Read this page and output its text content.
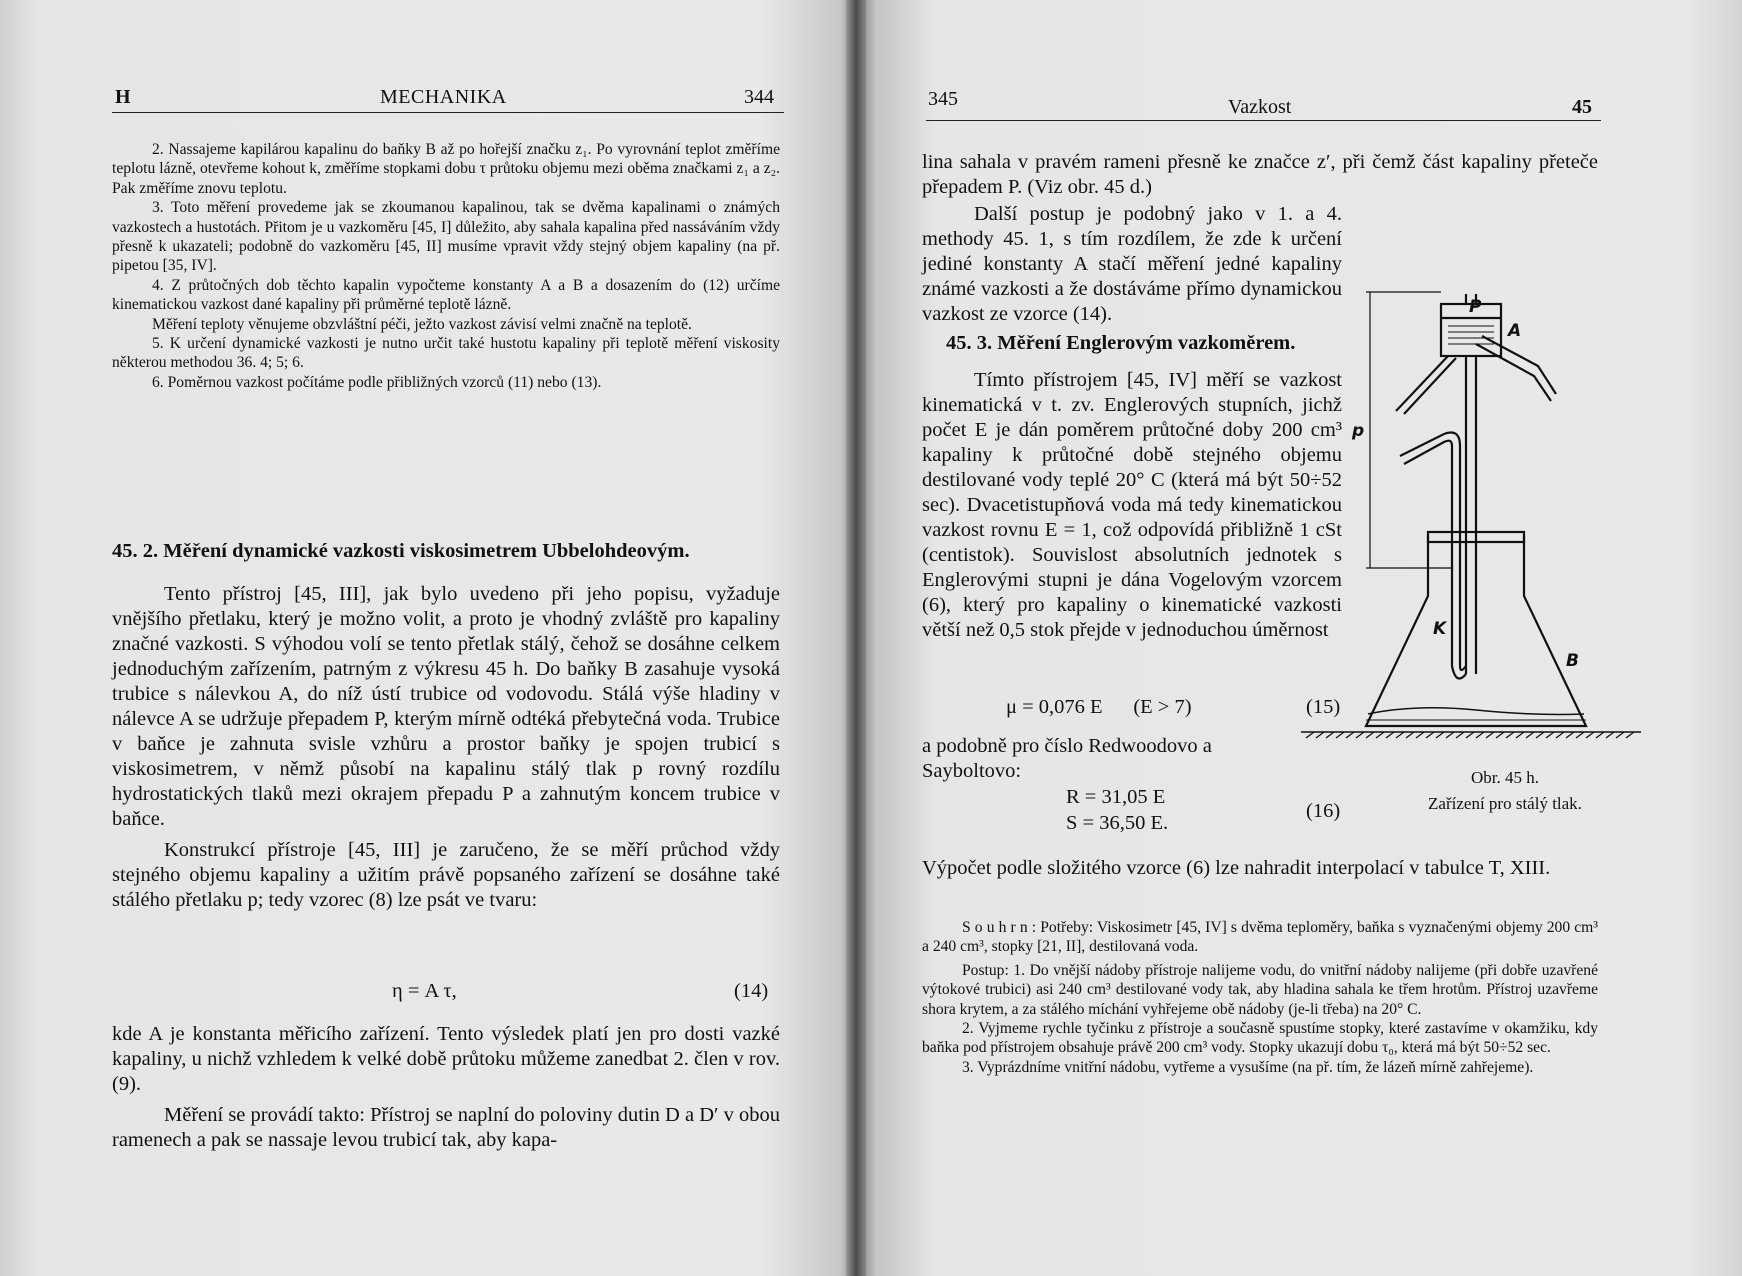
H	MECHANIKA	344

2. Nassajeme kapilárou kapalinu do baňky B až po hořejší značku z₁. Po vyrovnání teplot změříme teplotu lázně, otevřeme kohout k, změříme stopkami dobu τ průtoku objemu mezi oběma značkami z₁ a z₂. Pak změříme znovu teplotu.

3. Toto měření provedeme jak se zkoumanou kapalinou, tak se dvěma kapalinami o známých vazkostech a hustotách. Přitom je u vazkoměru [45, I] důležito, aby sahala kapalina před nassáváním vždy přesně k ukazateli; podobně do vazkoměru [45, II] musíme vpravit vždy stejný objem kapaliny (na př. pipetou [35, IV].

4. Z průtočných dob těchto kapalin vypočteme konstanty A a B a dosazením do (12) určíme kinematickou vazkost dané kapaliny při průměrné teplotě lázně.

Měření teploty věnujeme obzvláštní péči, ježto vazkost závisí velmi značně na teplotě.

5. K určení dynamické vazkosti je nutno určit také hustotu kapaliny při teplotě měření viskosity některou methodou 36. 4; 5; 6.

6. Poměrnou vazkost počítáme podle přibližných vzorců (11) nebo (13).

45. 2. Měření dynamické vazkosti viskosimetrem Ubbelohdeovým.

Tento přístroj [45, III], jak bylo uvedeno při jeho popisu, vyžaduje vnějšího přetlaku, který je možno volit, a proto je vhodný zvláště pro kapaliny značné vazkosti. S výhodou volí se tento přetlak stálý, čehož se dosáhne celkem jednoduchým zařízením, patrným z výkresu 45 h. Do baňky B zasahuje vysoká trubice s nálevkou A, do níž ústí trubice od vodovodu. Stálá výše hladiny v nálevce A se udržuje přepadem P, kterým mírně odtéká přebytečná voda. Trubice v baňce je zahnuta svisle vzhůru a prostor baňky je spojen trubicí s viskosimetrem, v němž působí na kapalinu stálý tlak p rovný rozdílu hydrostatických tlaků mezi okrajem přepadu P a zahnutým koncem trubice v baňce.

Konstrukcí přístroje [45, III] je zaručeno, že se měří průchod vždy stejného objemu kapaliny a užitím právě popsaného zařízení se dosáhne také stálého přetlaku p; tedy vzorec (8) lze psát ve tvaru:

η = A τ,	(14)

kde A je konstanta měřicího zařízení. Tento výsledek platí jen pro dosti vazké kapaliny, u nichž vzhledem k velké době průtoku můžeme zanedbat 2. člen v rov. (9).

Měření se provádí takto: Přístroj se naplní do poloviny dutin D a D′ v obou ramenech a pak se nassaje levou trubicí tak, aby kapa-

345	Vazkost	45

lina sahala v pravém rameni přesně ke značce z′, při čemž část kapaliny přeteče přepadem P. (Viz obr. 45 d.)

Další postup je podobný jako v 1. a 4. methody 45. 1, s tím rozdílem, že zde k určení jediné konstanty A stačí měření jedné kapaliny známé vazkosti a že dostáváme přímo dynamickou vazkost ze vzorce (14).

45. 3. Měření Englerovým vazkoměrem.

Tímto přístrojem [45, IV] měří se vazkost kinematická v t. zv. Englerových stupních, jichž počet E je dán poměrem průtočné doby 200 cm³ kapaliny k průtočné době stejného objemu destilované vody teplé 20° C (která má být 50÷52 sec). Dvacetistupňová voda má tedy kinematickou vazkost rovnu E = 1, což odpovídá přibližně 1 cSt (centistok). Souvislost absolutních jednotek s Englerovými stupni je dána Vogelovým vzorcem (6), který pro kapaliny o kinematické vazkosti větší než 0,5 stok přejde v jednoduchou úměrnost

μ = 0,076 E      (E > 7)	(15)

a podobně pro číslo Redwoodovo a Sayboltovo:

R = 31,05 E
S = 36,50 E.
(16)
P
A
p
K
B
Obr. 45 h.
Zařízení pro stálý tlak.

Výpočet podle složitého vzorce (6) lze nahradit interpolací v tabulce T, XIII.

S o u h r n : Potřeby: Viskosimetr [45, IV] s dvěma teploměry, baňka s vyznačenými objemy 200 cm³ a 240 cm³, stopky [21, II], destilovaná voda.

Postup: 1. Do vnější nádoby přístroje nalijeme vodu, do vnitřní nádoby nalijeme (při dobře uzavřené výtokové trubici) asi 240 cm³ destilované vody tak, aby hladina sahala ke třem hrotům. Přístroj uzavřeme shora krytem, a za stálého míchání vyhřejeme obě nádoby (je-li třeba) na 20° C.

2. Vyjmeme rychle tyčinku z přístroje a současně spustíme stopky, které zastavíme v okamžiku, kdy baňka pod přístrojem obsahuje právě 200 cm³ vody. Stopky ukazují dobu τ₀, která má být 50÷52 sec.

3. Vyprázdníme vnitřní nádobu, vytřeme a vysušíme (na př. tím, že lázeň mírně zahřejeme).
